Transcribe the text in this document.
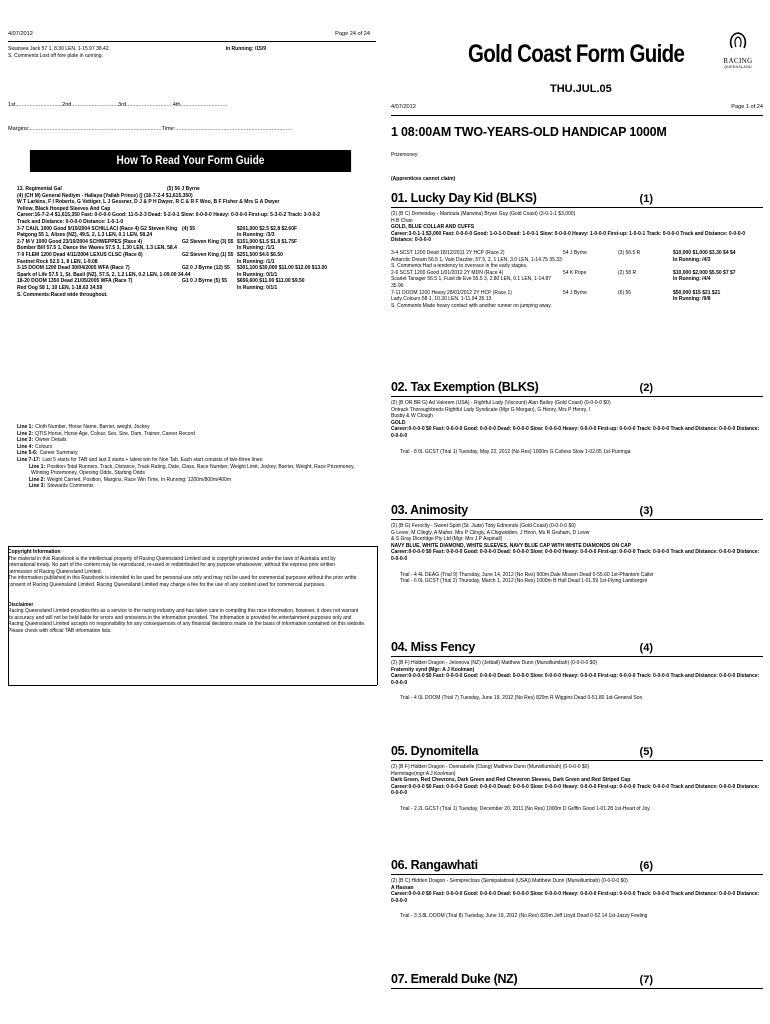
4/07/2012	Page 24 of 24
Swansea Jack 57 1, 8.30 LEN, 1-15.97 38.42	In Running: /15/9
S. Comments:Lost off fore plate in running.
1st..............................2nd..............................3rd..............................4th..............................
Margins:.....................................................................................Time:...........................................................................
How To Read Your Form Guide
13. Regimental Gal	(5) 56 J Byrne
(4) (CH M) General Nediym - Hallaya (Yallah Prince) () (16-7-2-4 $1,615,350)
W T Larkins, F I Roberts, G Vettiger, L J Gessner, D J & P H Dwyer, R C & R F Woo, B F Fisher & Mrs G A Dwyer
Yellow, Black Hooped Sleeves And Cap
Career:16-7-2-4 $1,615,350 Fast: 0-0-0-0 Good: 11-5-2-3 Dead: 5-2-0-1 Slow: 0-0-0-0 Heavy: 0-0-0-0 First-up: 5-3-0-2 Track: 3-0-0-2
Track and Distance: 0-0-0-0 Distance: 1-0-1-0
3-7 CAUL 1000 Good 9/10/2004 SCHILLACI (Race 4) G2 Steven King (4) 55	$201,000 $2.5 $2.8 $2.60F
Patgong 55 1, Alizes (NZ), 49.5, 2, 1.3 LEN, 0.1 LEN, 58.24	In Running: /3/3
2-7 M V 1000 Good 23/10/2004 SCHWEPPES (Race 4)	G2 Steven King (3) 55 $151,000 $1.5 $1.8 $1.75F
Bomber Bill 57.5 1, Dance the Waves 57.5 3, 1.30 LEN, 1.3 LEN, 58.4	In Running: /1/1
7-9 FLEM 1200 Dead 4/11/2004 LEXUS CLSC (Race 8)	G2 Steven King (1) 55 $251,500 $4.6 $6.50
Fastnet Rock 52.5 1, 8 LEN, 1-9.08	In Running: /1/1
3-15 DOOM 1200 Dead 30/04/2005 WFA (Race 7)	G2 0 J Byrne (12) 55	$301,100 $30,000 $11.00 $12.00 $13.00
Spark of Life 57.5 1, St. Basil (NZ), 57.5, 2, 1.2 LEN, 0.2 LEN, 1-09.00 34.44	In Running: 0/1/1
18-20 DOOM 1350 Dead 21/05/2005 WFA (Race 7)	G1 0 J Byrne (5) 55	$656,600 $11.00 $11.00 $9.50
Red Oog 58 1, 10 LEN, 1-18.63 34.59	In Running: 0/1/1
S. Comments:Raced wide throughout.
Line 1: Cloth Number, Horse Name, Barrier, weight, Jockey
Line 2: QTIS Horse, Horse Age, Colour, Sex, Sire, Dam, Trainer, Career Record
Line 3: Owner Details
Line 4: Colours
Line 5-6: Career Summary
Line 7-17: Last 5 starts for TAB and last 3 starts + latest win for Non Tab. Each start consists of two-three lines:
Line 1: Position-Total Runners, Track, Distance, Track Rating, Date, Class, Race Number, Weight Limit, Jockey, Barrier, Weight, Race Prizemoney,
Winning Prizemoney, Opening Odds, Starting Odds
Line 2: Weight Carried, Position, Margins, Race Win Time, In Running: 1200m/800m/400m
Line 3: Stewards Comments
Copyright Information
The material in this Racebook is the intellectual property of Racing Queensland Limited and is copyright protected under the laws of Australia and by
International treaty. No part of the content may be reproduced, re-used or redistributed for any purpose whatsoever, without the express prior written
permission of Racing Queensland Limited.
The information published in this Racebook is intended to be used for personal use only and may not be used for commercial purposes without the prior writte
consent of Racing Queensland Limited. Racing Queensland Limited may charge a fee for the use of any content used for commercial purposes.
Disclaimer
Racing Queensland Limited provides this as a service to the racing industry and has taken care in compiling this race information, however, it does not warrant
its accuracy and will not be held liable for errors and omissions in the information provided. The information is provided for entertainment purposes only and
Racing Queensland Limited accepts no responsibility for any consequences of any financial decisions made on the basis of information contained on this website.
Please check with official TAB information lists.
Gold Coast Form Guide	RACING
QUEENSLAND
THU.JUL.05
4/07/2012	Page 1 of 24
1 08:00AM TWO-YEARS-OLD HANDICAP 1000M
Prizemoney:
(Apprentices cannot claim)
01. Lucky Day Kid (BLKS)	(1)
(2) (B C) Domesday - Martoula (Marwina) Bryan Guy (Gold Coast) (3-0-1-1 $3,000)
H B Chan
GOLD, BLUE COLLAR AND CUFFS
Career:3-0-1-1 $3,000 Fast: 0-0-0-0 Good: 1-0-1-0 Dead: 1-0-0-1 Slow: 0-0-0-0 Heavy: 1-0-0-0 First-up: 1-0-0-1 Track: 0-0-0-0 Track and Distance: 0-0-0-0 Distance: 0-0-0-0
3-4 SCST 1200 Dead 18/12/2011 2Y HCP (Race 2)	54 J Byrne	(3) 56.5 R	$10,000 $1,000 $3.30 $4 $4
Antarctic Dream 56.5 1, Vain Dazzler, 57.5, 2, 1 LEN, 3.0 LEN, 1-14.75 35.33	In Running: /4/3
S. Comments:Had a tendency to overrace in the early stages.
2-6 SCST 1200 Good 1/01/2012 2Y MDN (Race 4)	54 K Pope	(2) 58 R	$10,000 $2,000 $5.50 $7 $7
Scarlet Tanager 56.5 1, Fusil de Eve 55.5 3, 2.80 LEN, 0.1 LEN, 1-14.87 35.96
In Running: /4/4
7-11 DOOM 1200 Heavy 28/01/2012 2Y HCP (Race 1)	54 J Byrne	(6) 56	$50,000 $15 $21 $21
Lady Colours 58 1, 10.30 LEN, 1-11.94 35.13	In Running: /9/8
S. Comments:Made heavy contact with another runner on jumping away.
02. Tax Exemption (BLKS)	(2)
(2) (B OR BR G) Ad Valorem (USA) - Rightful Lady (Viscount) Alan Bailey (Gold Coast) (0-0-0-0 $0)
Ontrack Thoroughbreds Rightful Lady Syndicate (Mgr G Morgan), G Henry, Mrs P Henry, I
Busby & W Clough
GOLD
Career:0-0-0-0 $0 Fast: 0-0-0-0 Good: 0-0-0-0 Dead: 0-0-0-0 Slow: 0-0-0-0 Heavy: 0-0-0-0 First-up: 0-0-0-0 Track: 0-0-0-0 Track and Distance: 0-0-0-0 Distance: 0-0-0-0
Trial - 8 0L GCST (Trial 1) Tuesday, May 22, 2012 (No Res) 1000m G Colless Slow 1-02.05 1st-Purringa
03. Animosity	(3)
(2) (B G) Ferocity - Sweet Spirit (St. Jude) Toby Edmonds (Gold Coast) (0-0-0-0 $0)
G Lever, M Clingly, A Maher, Mrs P Clingly, A Chigwidden, J Hiron, Ms R Graham, D Lever
& S Gray Dicerldge Pty Ltd (Mgr: Mrs J P Aspinall)
NAVY BLUE, WHITE DIAMOND, WHITE SLEEVES, NAVY BLUE CAP WITH WHITE DIAMONDS ON CAP
Career:0-0-0-0 $0 Fast: 0-0-0-0 Good: 0-0-0-0 Dead: 0-0-0-0 Slow: 0-0-0-0 Heavy: 0-0-0-0 First-up: 0-0-0-0 Track: 0-0-0-0 Track and Distance: 0-0-0-0 Distance: 0-0-0-0
Trial - 4 4L DEAG (Trial 9) Thursday, June 14, 2012 (No Res) 900m Dale Missen Dead 0-55.60 1st-Phantom Caller
Trial - 6 0L GCST (Trial 2) Thursday, March 1, 2012 (No Res) 1000m B Hull Dead 1-01.59 1st-Flying Lamborgini
04. Miss Fency	(4)
(2) (B F) Hidden Dragon - Jetonova (NZ) (Jetball) Matthew Dunn (Murwillumbah) (0-0-0-0 $0)
Fraternity synd (Mgr: A J Koolman)
Career:0-0-0-0 $0 Fast: 0-0-0-0 Good: 0-0-0-0 Dead: 0-0-0-0 Slow: 0-0-0-0 Heavy: 0-0-0-0 First-up: 0-0-0-0 Track: 0-0-0-0 Track and Distance: 0-0-0-0 Distance: 0-0-0-0
Trial - 4 0L DOOM (Trial 7) Tuesday, June 19, 2012 (No Res) 820m R Wiggins Dead 0-51.80 1st-General Son
05. Dynomitella	(5)
(2) (B F) Hidden Dragon - Donnabelle (Clang) Matthew Dunn (Murwillumbah) (0-0-0-0 $0)
Hermitage(mgr:A J Koolman)
Dark Green, Red Chevrons, Dark Green and Red Cheveron Sleeves, Dark Green and Red Striped Cap
Career:0-0-0-0 $0 Fast: 0-0-0-0 Good: 0-0-0-0 Dead: 0-0-0-0 Slow: 0-0-0-0 Heavy: 0-0-0-0 First-up: 0-0-0-0 Track: 0-0-0-0 Track and Distance: 0-0-0-0 Distance: 0-0-0-0
Trial - 2 2L GCST (Trial 1) Tuesday, December 20, 2011 (No Res) 1000m D Griffin Good 1-01.28 1st-Heart of Joy
06. Rangawhati	(6)
(2) (B C) Hidden Dragon - Semipreclous (Semipalatinsk (USA)) Matthew Dunn (Murwillumbah) (0-0-0-0 $0)
A Hassan
Career:0-0-0-0 $0 Fast: 0-0-0-0 Good: 0-0-0-0 Dead: 0-0-0-0 Slow: 0-0-0-0 Heavy: 0-0-0-0 First-up: 0-0-0-0 Track: 0-0-0-0 Track and Distance: 0-0-0-0 Distance: 0-0-0-0
Trial - 3 3.8L DOOM (Trial 8) Tuesday, June 19, 2012 (No Res) 820m Jeff Lloyd Dead 0-52.14 1st-Jazzy Feeling
07. Emerald Duke (NZ)	(7)
